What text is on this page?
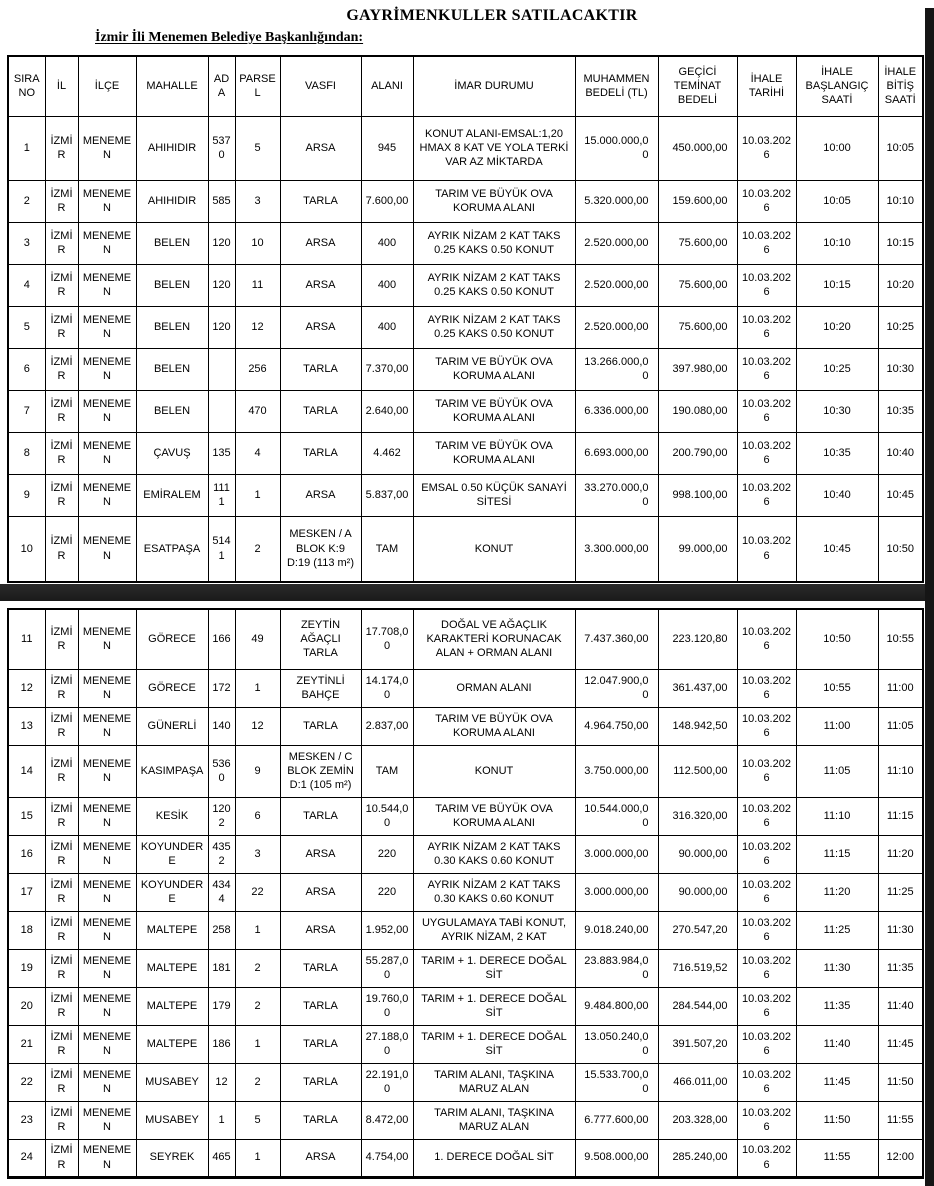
GAYRİMENKULLER SATILACAKTIR
İzmir İli Menemen Belediye Başkanlığından:
SIRA NO	İL	İLÇE	MAHALLE	ADA	PARSEL	VASFI	ALANI	İMAR DURUMU	MUHAMMEN BEDELİ (TL)	GEÇİCİ TEMİNAT BEDELİ	İHALE TARİHİ	İHALE BAŞLANGIÇ SAATİ	İHALE BİTİŞ SAATİ
1	İZMİR	MENEMEN	AHIHIDIR	5370	5	ARSA	945	KONUT ALANI-EMSAL:1,20 HMAX 8 KAT VE YOLA TERKİ VAR AZ MİKTARDA	15.000.000,00	450.000,00	10.03.2026	10:00	10:05
2	İZMİR	MENEMEN	AHIHIDIR	585	3	TARLA	7.600,00	TARIM VE BÜYÜK OVA KORUMA ALANI	5.320.000,00	159.600,00	10.03.2026	10:05	10:10
3	İZMİR	MENEMEN	BELEN	120	10	ARSA	400	AYRIK NİZAM 2 KAT TAKS 0.25 KAKS 0.50 KONUT	2.520.000,00	75.600,00	10.03.2026	10:10	10:15
4	İZMİR	MENEMEN	BELEN	120	11	ARSA	400	AYRIK NİZAM 2 KAT TAKS 0.25 KAKS 0.50 KONUT	2.520.000,00	75.600,00	10.03.2026	10:15	10:20
5	İZMİR	MENEMEN	BELEN	120	12	ARSA	400	AYRIK NİZAM 2 KAT TAKS 0.25 KAKS 0.50 KONUT	2.520.000,00	75.600,00	10.03.2026	10:20	10:25
6	İZMİR	MENEMEN	BELEN		256	TARLA	7.370,00	TARIM VE BÜYÜK OVA KORUMA ALANI	13.266.000,00	397.980,00	10.03.2026	10:25	10:30
7	İZMİR	MENEMEN	BELEN		470	TARLA	2.640,00	TARIM VE BÜYÜK OVA KORUMA ALANI	6.336.000,00	190.080,00	10.03.2026	10:30	10:35
8	İZMİR	MENEMEN	ÇAVUŞ	135	4	TARLA	4.462	TARIM VE BÜYÜK OVA KORUMA ALANI	6.693.000,00	200.790,00	10.03.2026	10:35	10:40
9	İZMİR	MENEMEN	EMİRALEM	1111	1	ARSA	5.837,00	EMSAL 0.50 KÜÇÜK SANAYİ SİTESİ	33.270.000,00	998.100,00	10.03.2026	10:40	10:45
10	İZMİR	MENEMEN	ESATPAŞA	5141	2	MESKEN / A BLOK K:9 D:19 (113 m²)	TAM	KONUT	3.300.000,00	99.000,00	10.03.2026	10:45	10:50
11	İZMİR	MENEMEN	GÖRECE	166	49	ZEYTİN AĞAÇLI TARLA	17.708,00	DOĞAL VE AĞAÇLIK KARAKTERİ KORUNACAK ALAN + ORMAN ALANI	7.437.360,00	223.120,80	10.03.2026	10:50	10:55
12	İZMİR	MENEMEN	GÖRECE	172	1	ZEYTİNLİ BAHÇE	14.174,00	ORMAN ALANI	12.047.900,00	361.437,00	10.03.2026	10:55	11:00
13	İZMİR	MENEMEN	GÜNERLİ	140	12	TARLA	2.837,00	TARIM VE BÜYÜK OVA KORUMA ALANI	4.964.750,00	148.942,50	10.03.2026	11:00	11:05
14	İZMİR	MENEMEN	KASIMPAŞA	5360	9	MESKEN / C BLOK ZEMİN D:1 (105 m²)	TAM	KONUT	3.750.000,00	112.500,00	10.03.2026	11:05	11:10
15	İZMİR	MENEMEN	KESİK	1202	6	TARLA	10.544,00	TARIM VE BÜYÜK OVA KORUMA ALANI	10.544.000,00	316.320,00	10.03.2026	11:10	11:15
16	İZMİR	MENEMEN	KOYUNDERE	4352	3	ARSA	220	AYRIK NİZAM 2 KAT TAKS 0.30 KAKS 0.60 KONUT	3.000.000,00	90.000,00	10.03.2026	11:15	11:20
17	İZMİR	MENEMEN	KOYUNDERE	4344	22	ARSA	220	AYRIK NİZAM 2 KAT TAKS 0.30 KAKS 0.60 KONUT	3.000.000,00	90.000,00	10.03.2026	11:20	11:25
18	İZMİR	MENEMEN	MALTEPE	258	1	ARSA	1.952,00	UYGULAMAYA TABİ KONUT, AYRIK NİZAM, 2 KAT	9.018.240,00	270.547,20	10.03.2026	11:25	11:30
19	İZMİR	MENEMEN	MALTEPE	181	2	TARLA	55.287,00	TARIM + 1. DERECE DOĞAL SİT	23.883.984,00	716.519,52	10.03.2026	11:30	11:35
20	İZMİR	MENEMEN	MALTEPE	179	2	TARLA	19.760,00	TARIM + 1. DERECE DOĞAL SİT	9.484.800,00	284.544,00	10.03.2026	11:35	11:40
21	İZMİR	MENEMEN	MALTEPE	186	1	TARLA	27.188,00	TARIM + 1. DERECE DOĞAL SİT	13.050.240,00	391.507,20	10.03.2026	11:40	11:45
22	İZMİR	MENEMEN	MUSABEY	12	2	TARLA	22.191,00	TARIM ALANI, TAŞKINA MARUZ ALAN	15.533.700,00	466.011,00	10.03.2026	11:45	11:50
23	İZMİR	MENEMEN	MUSABEY	1	5	TARLA	8.472,00	TARIM ALANI, TAŞKINA MARUZ ALAN	6.777.600,00	203.328,00	10.03.2026	11:50	11:55
24	İZMİR	MENEMEN	SEYREK	465	1	ARSA	4.754,00	1. DERECE DOĞAL SİT	9.508.000,00	285.240,00	10.03.2026	11:55	12:00
